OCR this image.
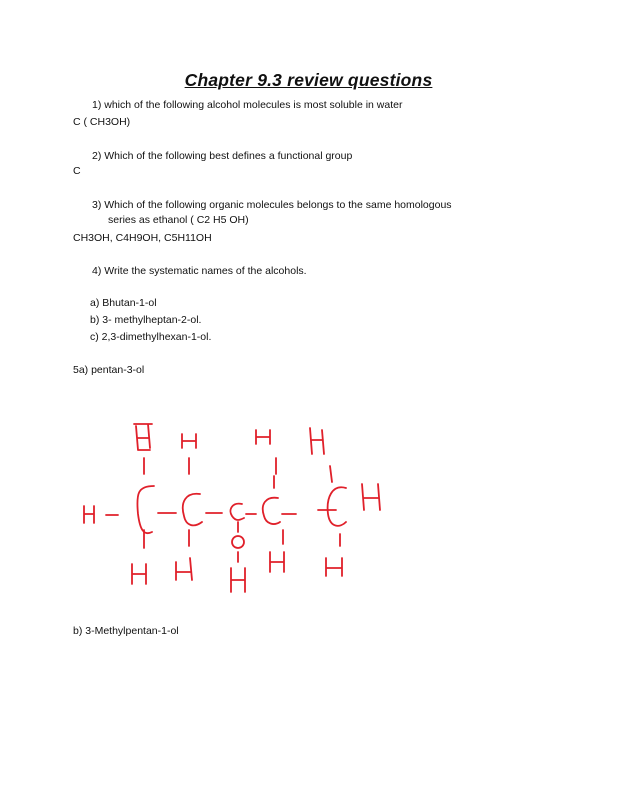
Chapter 9.3 review questions
1) which of the following alcohol molecules is most soluble in water
C ( CH3OH)
2) Which of the following best defines a functional group
C
3) Which of the following organic molecules belongs to the same homologous
series as ethanol ( C2 H5 OH)
CH3OH, C4H9OH, C5H11OH
4) Write the systematic names of the alcohols.
a) Bhutan-1-ol
b) 3- methylheptan-2-ol.
c) 2,3-dimethylhexan-1-ol.
5a) pentan-3-ol
b) 3-Methylpentan-1-ol
